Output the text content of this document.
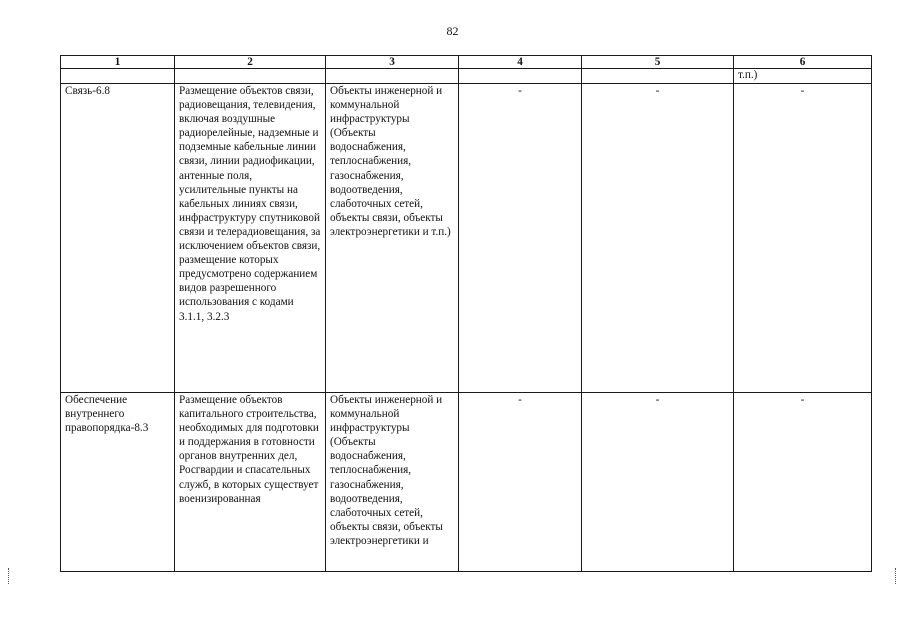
82
1	2	3	4	5	6
					т.п.)
Связь-6.8	Размещение объектов связи, радиовещания, телевидения, включая воздушные радиорелейные, надземные и подземные кабельные линии связи, линии радиофикации, антенные поля, усилительные пункты на кабельных линиях связи, инфраструктуру спутниковой связи и телерадиовещания, за исключением объектов связи, размещение которых предусмотрено содержанием видов разрешенного использования с кодами 3.1.1, 3.2.3	Объекты инженерной и коммунальной инфраструктуры (Объекты водоснабжения, теплоснабжения, газоснабжения, водоотведения, слаботочных сетей, объекты связи, объекты электроэнергетики и т.п.)	-	-	-
Обеспечение внутреннего правопорядка-8.3	Размещение объектов капитального строительства, необходимых для подготовки и поддержания в готовности органов внутренних дел, Росгвардии и спасательных служб, в которых существует военизированная	Объекты инженерной и коммунальной инфраструктуры (Объекты водоснабжения, теплоснабжения, газоснабжения, водоотведения, слаботочных сетей, объекты связи, объекты электроэнергетики и	-	-	-
